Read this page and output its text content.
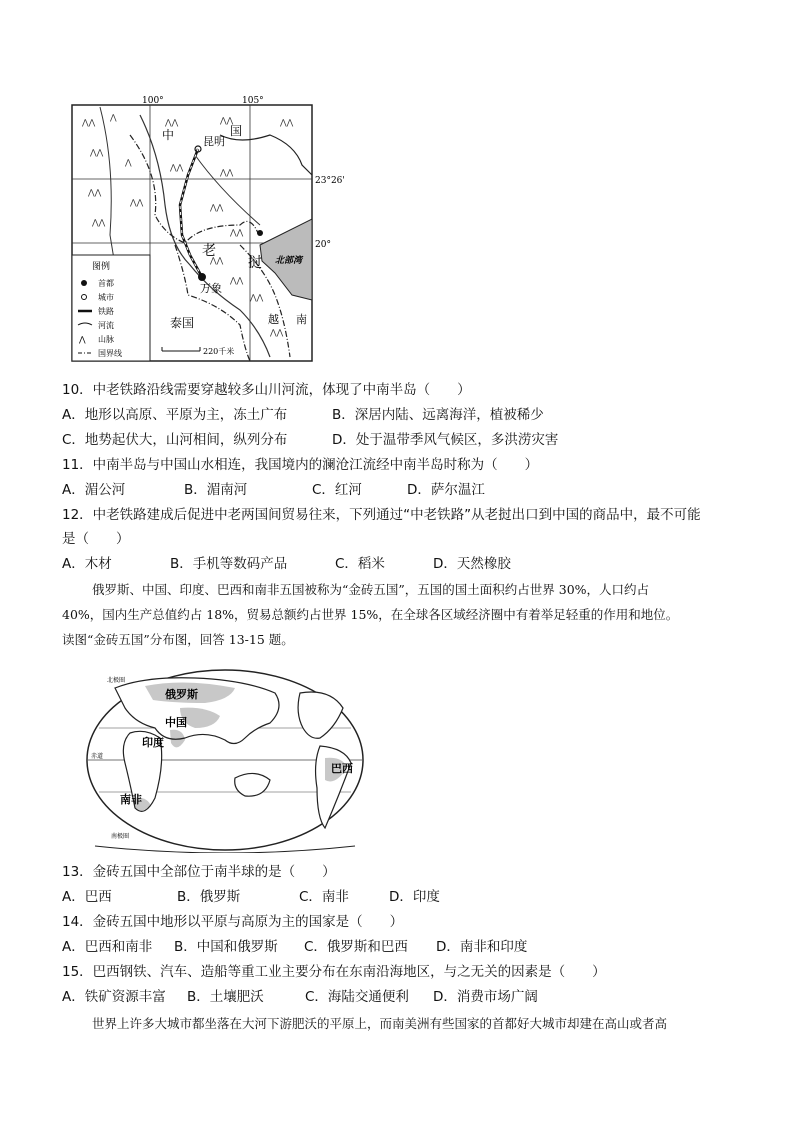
100°	105°
23°26'
20°
⋀⋀
⋀
⋀⋀	⋀⋀	⋀⋀
⋀⋀
⋀
⋀⋀
⋀⋀
⋀⋀
⋀⋀
⋀⋀
⋀⋀
⋀⋀
⋀⋀
⋀⋀
⋀⋀
⋀⋀
昆明
老
挝
越 南
万象
泰国
北部湾
中	国
图例
首都
城市
铁路
河流
⋀ 山脉
国界线	220千米
10．中老铁路沿线需要穿越较多山川河流，体现了中南半岛（　　）
A．地形以高原、平原为主，冻土广布	B．深居内陆、远离海洋，植被稀少
C．地势起伏大，山河相间，纵列分布	D．处于温带季风气候区，多洪涝灾害
11．中南半岛与中国山水相连，我国境内的澜沧江流经中南半岛时称为（　　）
A．湄公河	B．湄南河	C．红河	D．萨尔温江
12．中老铁路建成后促进中老两国间贸易往来，下列通过“中老铁路”从老挝出口到中国的商品中，最不可能
是（　　）
A．木材	B．手机等数码产品	C．稻米	D．天然橡胶
俄罗斯、中国、印度、巴西和南非五国被称为“金砖五国”，五国的国土面积约占世界 30%，人口约占
40%，国内生产总值约占 18%，贸易总额约占世界 15%，在全球各区域经济圈中有着举足轻重的作用和地位。
读图“金砖五国”分布图，回答 13-15 题。
俄罗斯
中国
印度
巴西
南非
北极圈
赤道
南极圈
13．金砖五国中全部位于南半球的是（　　）
A．巴西	B．俄罗斯	C．南非	D．印度
14．金砖五国中地形以平原与高原为主的国家是（　　）
A．巴西和南非 B．中国和俄罗斯 C．俄罗斯和巴西 D．南非和印度
15．巴西钢铁、汽车、造船等重工业主要分布在东南沿海地区，与之无关的因素是（　　）
A．铁矿资源丰富 B．土壤肥沃	C．海陆交通便利 D．消费市场广阔
世界上许多大城市都坐落在大河下游肥沃的平原上，而南美洲有些国家的首都好大城市却建在高山或者高
